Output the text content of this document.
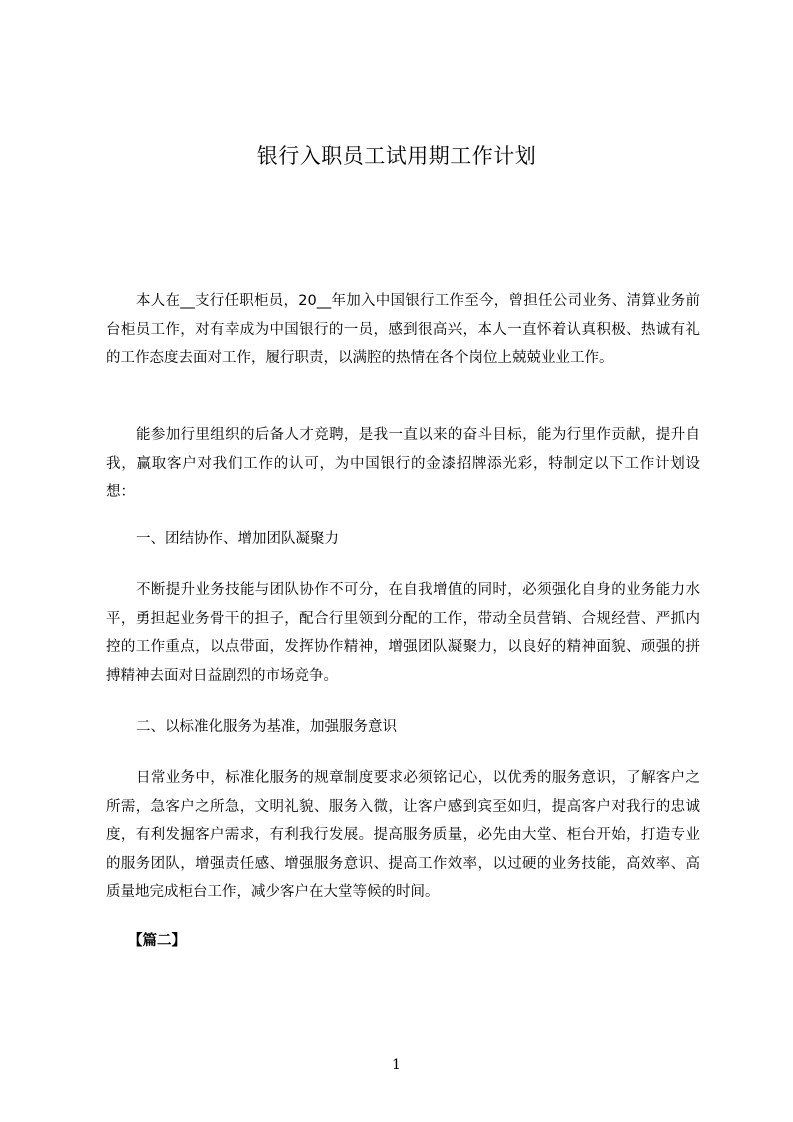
银行入职员工试用期工作计划

本人在__支行任职柜员，20__年加入中国银行工作至今，曾担任公司业务、清算业务前台柜员工作，对有幸成为中国银行的一员，感到很高兴，本人一直怀着认真积极、热诚有礼的工作态度去面对工作，履行职责，以满腔的热情在各个岗位上兢兢业业工作。

能参加行里组织的后备人才竞聘，是我一直以来的奋斗目标，能为行里作贡献，提升自我，赢取客户对我们工作的认可，为中国银行的金漆招牌添光彩，特制定以下工作计划设想：

一、团结协作、增加团队凝聚力

不断提升业务技能与团队协作不可分，在自我增值的同时，必须强化自身的业务能力水平，勇担起业务骨干的担子，配合行里领到分配的工作，带动全员营销、合规经营、严抓内控的工作重点，以点带面，发挥协作精神，增强团队凝聚力，以良好的精神面貌、顽强的拼搏精神去面对日益剧烈的市场竞争。

二、以标准化服务为基准，加强服务意识

日常业务中，标准化服务的规章制度要求必须铭记心，以优秀的服务意识，了解客户之所需，急客户之所急，文明礼貌、服务入微，让客户感到宾至如归，提高客户对我行的忠诚度，有利发掘客户需求，有利我行发展。提高服务质量，必先由大堂、柜台开始，打造专业的服务团队，增强责任感、增强服务意识、提高工作效率，以过硬的业务技能，高效率、高质量地完成柜台工作，减少客户在大堂等候的时间。

【篇二】

1
